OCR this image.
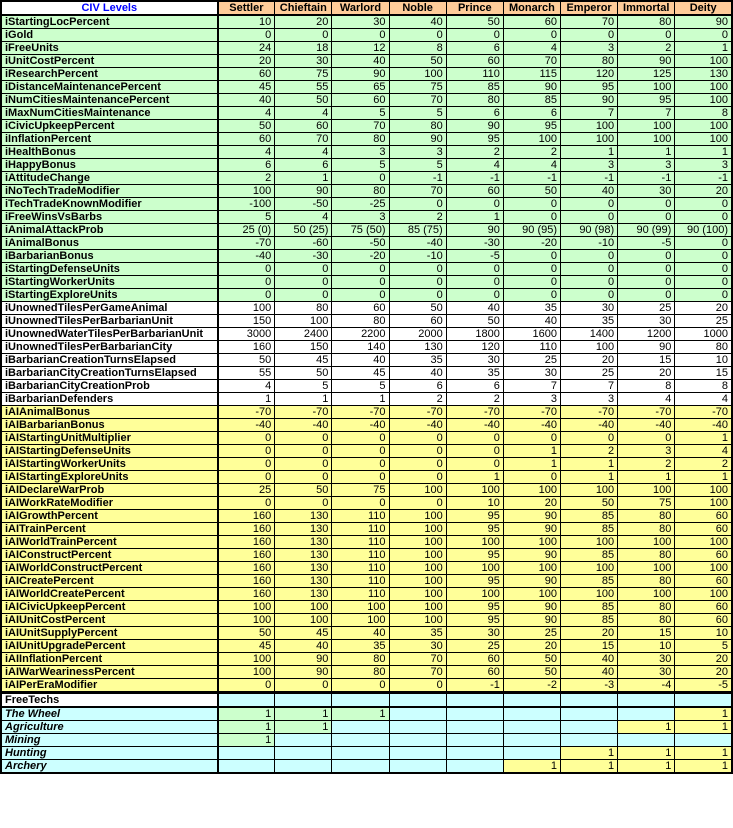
CIV Levels	Settler	Chieftain	Warlord	Noble	Prince	Monarch	Emperor	Immortal	Deity
iStartingLocPercent	10	20	30	40	50	60	70	80	90
iGold	0	0	0	0	0	0	0	0	0
iFreeUnits	24	18	12	8	6	4	3	2	1
iUnitCostPercent	20	30	40	50	60	70	80	90	100
iResearchPercent	60	75	90	100	110	115	120	125	130
iDistanceMaintenancePercent	45	55	65	75	85	90	95	100	100
iNumCitiesMaintenancePercent	40	50	60	70	80	85	90	95	100
iMaxNumCitiesMaintenance	4	4	5	5	6	6	7	7	8
iCivicUpkeepPercent	50	60	70	80	90	95	100	100	100
iInflationPercent	60	70	80	90	95	100	100	100	100
iHealthBonus	4	4	3	3	2	2	1	1	1
iHappyBonus	6	6	5	5	4	4	3	3	3
iAttitudeChange	2	1	0	-1	-1	-1	-1	-1	-1
iNoTechTradeModifier	100	90	80	70	60	50	40	30	20
iTechTradeKnownModifier	-100	-50	-25	0	0	0	0	0	0
iFreeWinsVsBarbs	5	4	3	2	1	0	0	0	0
iAnimalAttackProb	25 (0)	50 (25)	75 (50)	85 (75)	90	90 (95)	90 (98)	90 (99)	90 (100)
iAnimalBonus	-70	-60	-50	-40	-30	-20	-10	-5	0
iBarbarianBonus	-40	-30	-20	-10	-5	0	0	0	0
iStartingDefenseUnits	0	0	0	0	0	0	0	0	0
iStartingWorkerUnits	0	0	0	0	0	0	0	0	0
iStartingExploreUnits	0	0	0	0	0	0	0	0	0
iUnownedTilesPerGameAnimal	100	80	60	50	40	35	30	25	20
iUnownedTilesPerBarbarianUnit	150	100	80	60	50	40	35	30	25
iUnownedWaterTilesPerBarbarianUnit	3000	2400	2200	2000	1800	1600	1400	1200	1000
iUnownedTilesPerBarbarianCity	160	150	140	130	120	110	100	90	80
iBarbarianCreationTurnsElapsed	50	45	40	35	30	25	20	15	10
iBarbarianCityCreationTurnsElapsed	55	50	45	40	35	30	25	20	15
iBarbarianCityCreationProb	4	5	5	6	6	7	7	8	8
iBarbarianDefenders	1	1	1	2	2	3	3	4	4
iAIAnimalBonus	-70	-70	-70	-70	-70	-70	-70	-70	-70
iAIBarbarianBonus	-40	-40	-40	-40	-40	-40	-40	-40	-40
iAIStartingUnitMultiplier	0	0	0	0	0	0	0	0	1
iAIStartingDefenseUnits	0	0	0	0	0	1	2	3	4
iAIStartingWorkerUnits	0	0	0	0	0	1	1	2	2
iAIStartingExploreUnits	0	0	0	0	1	0	1	1	1
iAIDeclareWarProb	25	50	75	100	100	100	100	100	100
iAIWorkRateModifier	0	0	0	0	10	20	50	75	100
iAIGrowthPercent	160	130	110	100	95	90	85	80	60
iAITrainPercent	160	130	110	100	95	90	85	80	60
iAIWorldTrainPercent	160	130	110	100	100	100	100	100	100
iAIConstructPercent	160	130	110	100	95	90	85	80	60
iAIWorldConstructPercent	160	130	110	100	100	100	100	100	100
iAICreatePercent	160	130	110	100	95	90	85	80	60
iAIWorldCreatePercent	160	130	110	100	100	100	100	100	100
iAICivicUpkeepPercent	100	100	100	100	95	90	85	80	60
iAIUnitCostPercent	100	100	100	100	95	90	85	80	60
iAIUnitSupplyPercent	50	45	40	35	30	25	20	15	10
iAIUnitUpgradePercent	45	40	35	30	25	20	15	10	5
iAIInflationPercent	100	90	80	70	60	50	40	30	20
iAIWarWearinessPercent	100	90	80	70	60	50	40	30	20
iAIPerEraModifier	0	0	0	0	-1	-2	-3	-4	-5
FreeTechs									
The Wheel	1	1	1						1
Agriculture	1	1						1	1
Mining	1								
Hunting							1	1	1
Archery						1	1	1	1
